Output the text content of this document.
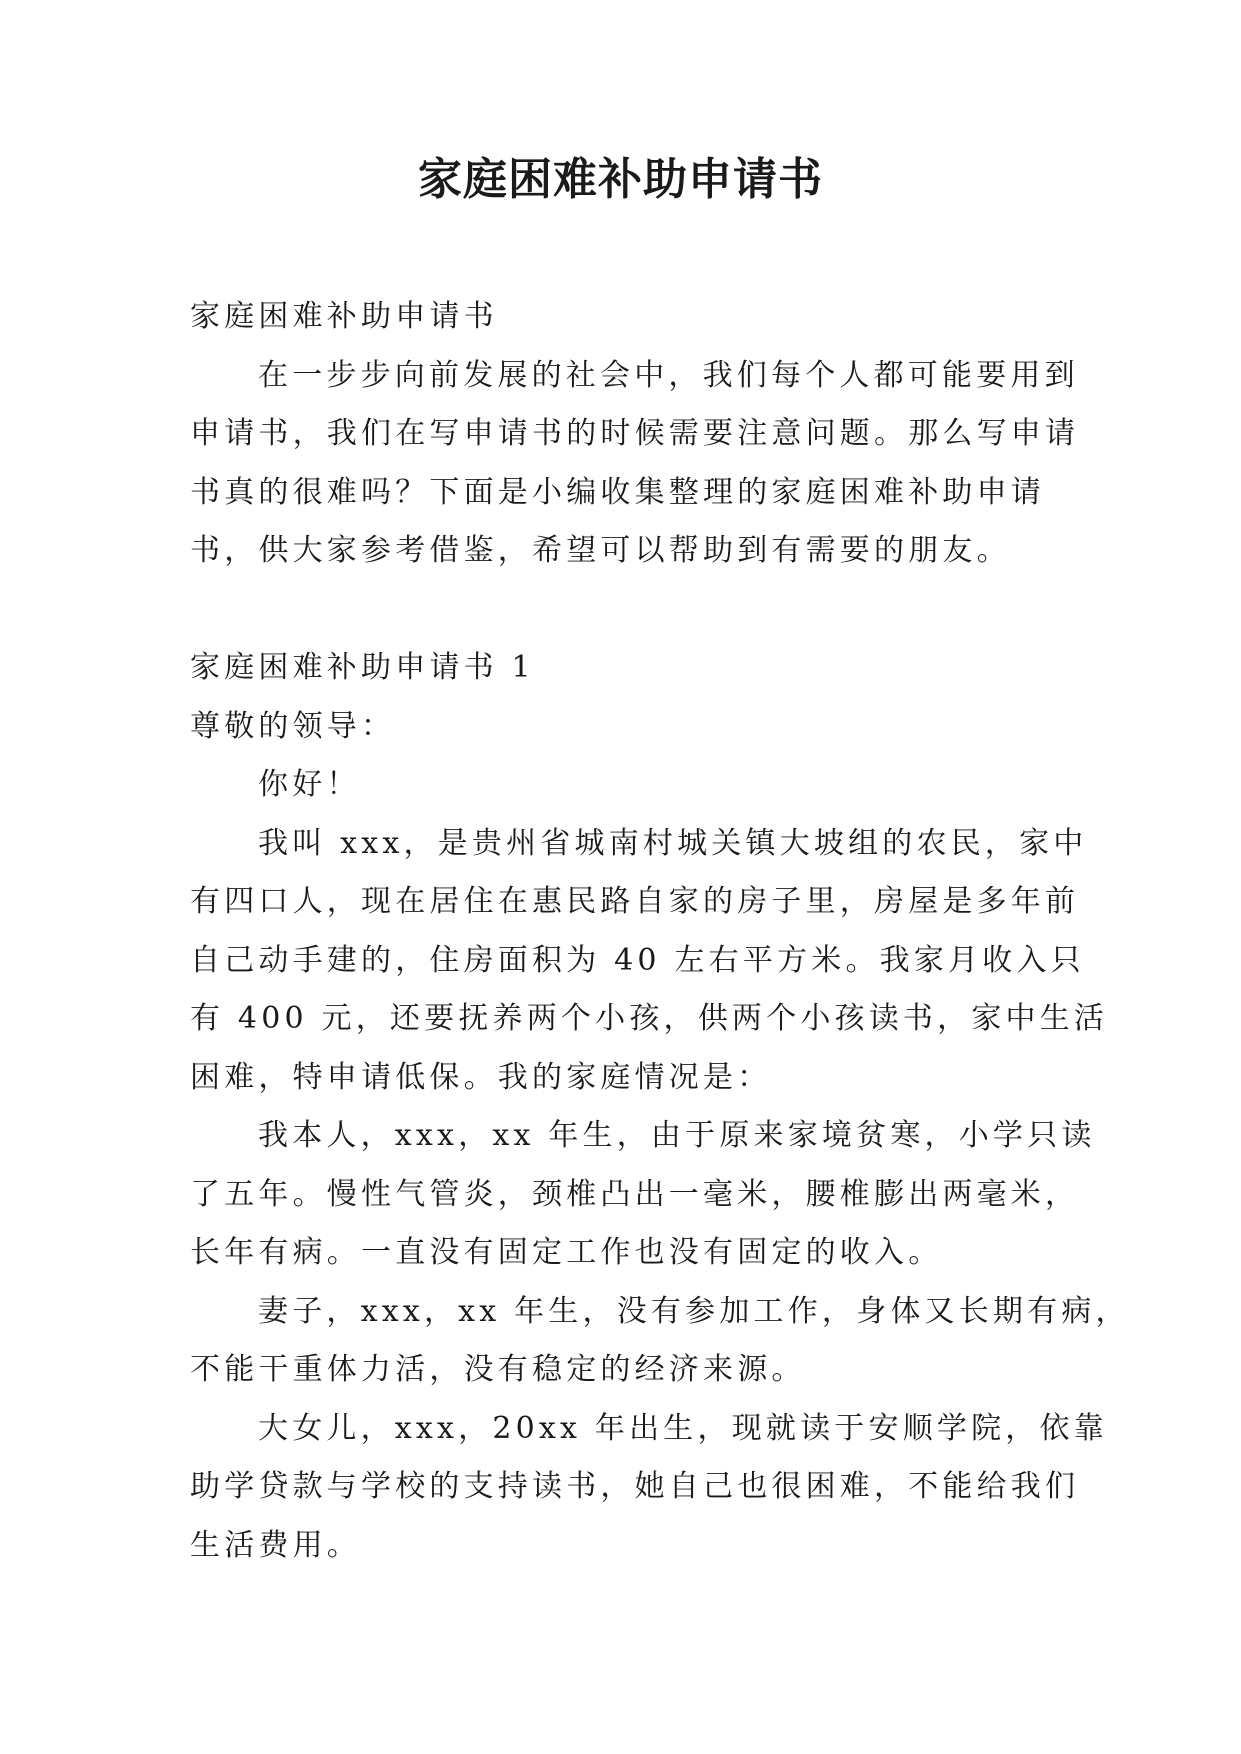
家庭困难补助申请书

家庭困难补助申请书

在一步步向前发展的社会中，我们每个人都可能要用到

申请书，我们在写申请书的时候需要注意问题。那么写申请

书真的很难吗？下面是小编收集整理的家庭困难补助申请

书，供大家参考借鉴，希望可以帮助到有需要的朋友。

家庭困难补助申请书 1

尊敬的领导：

你好！

我叫 xxx，是贵州省城南村城关镇大坡组的农民，家中

有四口人，现在居住在惠民路自家的房子里，房屋是多年前

自己动手建的，住房面积为 40 左右平方米。我家月收入只

有 400 元，还要抚养两个小孩，供两个小孩读书，家中生活

困难，特申请低保。我的家庭情况是：

我本人，xxx，xx 年生，由于原来家境贫寒，小学只读

了五年。慢性气管炎，颈椎凸出一毫米，腰椎膨出两毫米，

长年有病。一直没有固定工作也没有固定的收入。

妻子，xxx，xx 年生，没有参加工作，身体又长期有病，

不能干重体力活，没有稳定的经济来源。

大女儿，xxx，20xx 年出生，现就读于安顺学院，依靠

助学贷款与学校的支持读书，她自己也很困难，不能给我们

生活费用。
